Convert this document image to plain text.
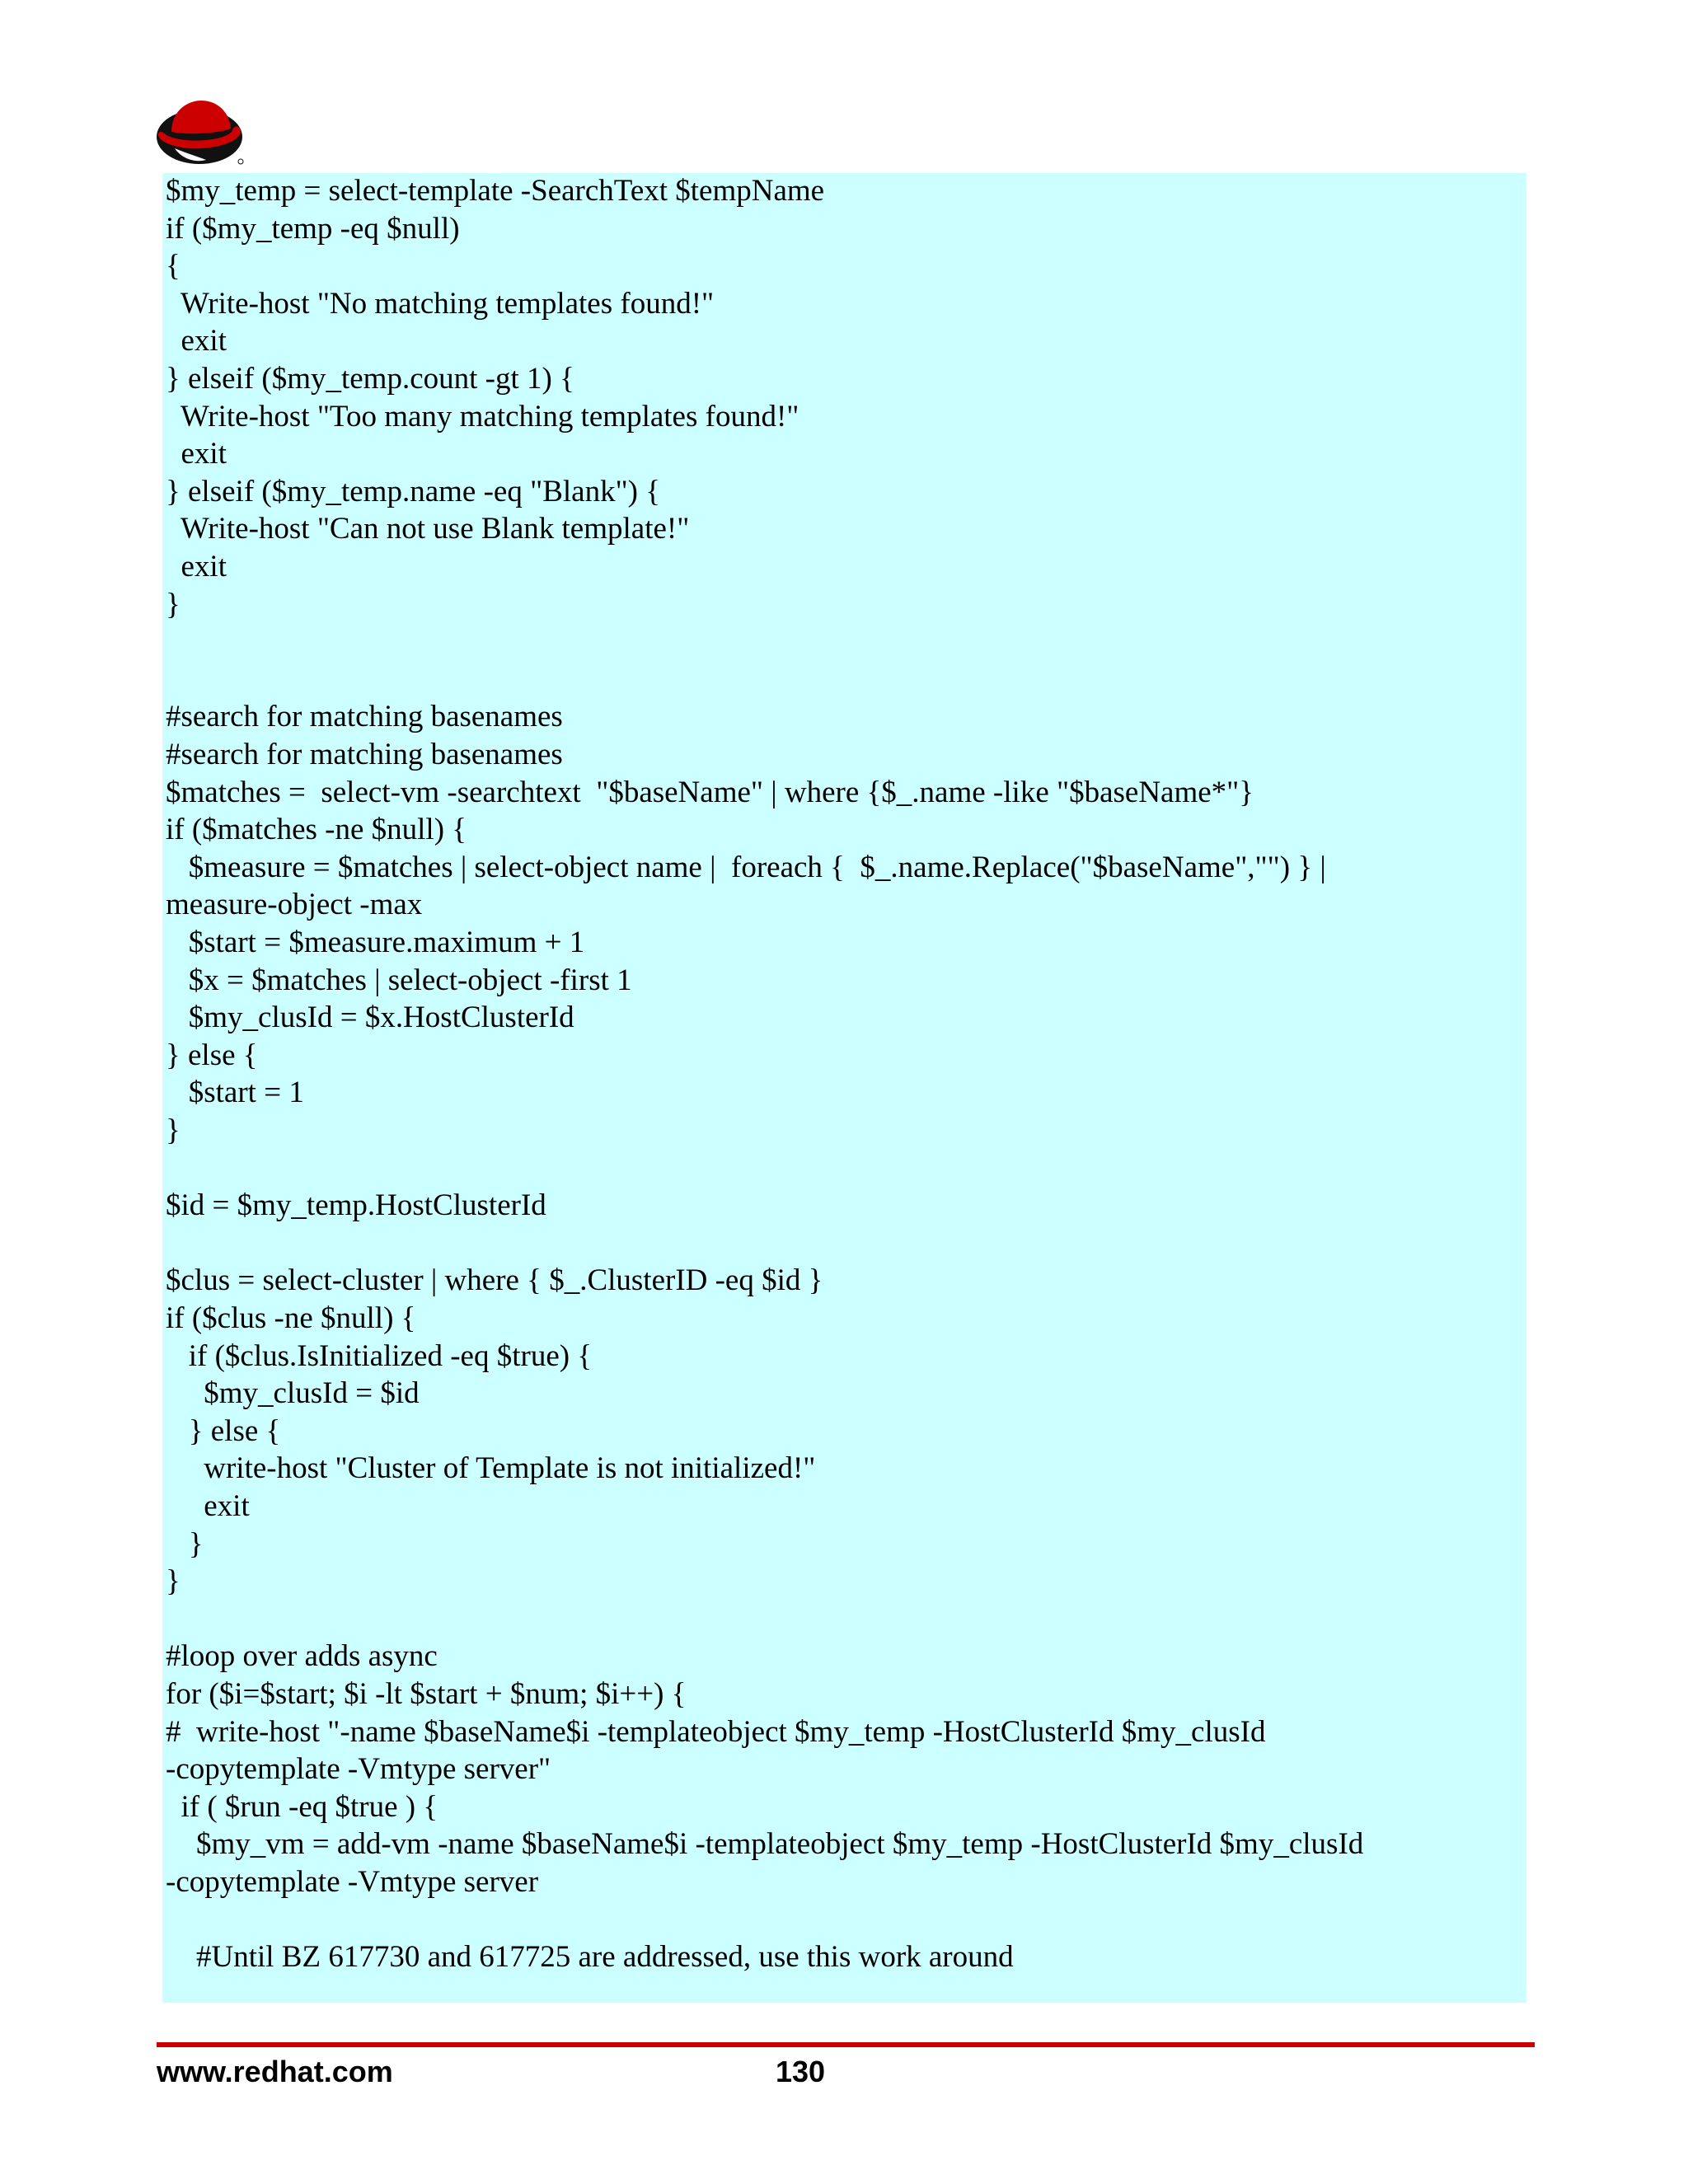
$my_temp = select-template -SearchText $tempName
if ($my_temp -eq $null)
{
Write-host "No matching templates found!"
exit
} elseif ($my_temp.count -gt 1) {
Write-host "Too many matching templates found!"
exit
} elseif ($my_temp.name -eq "Blank") {
Write-host "Can not use Blank template!"
exit
}
#search for matching basenames
#search for matching basenames
$matches =  select-vm -searchtext  "$baseName" | where {$_.name -like "$baseName*"}
if ($matches -ne $null) {
$measure = $matches | select-object name |  foreach {  $_.name.Replace("$baseName","") } |
measure-object -max
$start = $measure.maximum + 1
$x = $matches | select-object -first 1
$my_clusId = $x.HostClusterId
} else {
$start = 1
}
$id = $my_temp.HostClusterId
$clus = select-cluster | where { $_.ClusterID -eq $id }
if ($clus -ne $null) {
if ($clus.IsInitialized -eq $true) {
$my_clusId = $id
} else {
write-host "Cluster of Template is not initialized!"
exit
}
}
#loop over adds async
for ($i=$start; $i -lt $start + $num; $i++) {
#  write-host "-name $baseName$i -templateobject $my_temp -HostClusterId $my_clusId
-copytemplate -Vmtype server"
if ( $run -eq $true ) {
$my_vm = add-vm -name $baseName$i -templateobject $my_temp -HostClusterId $my_clusId
-copytemplate -Vmtype server
#Until BZ 617730 and 617725 are addressed, use this work around
www.redhat.com	130
